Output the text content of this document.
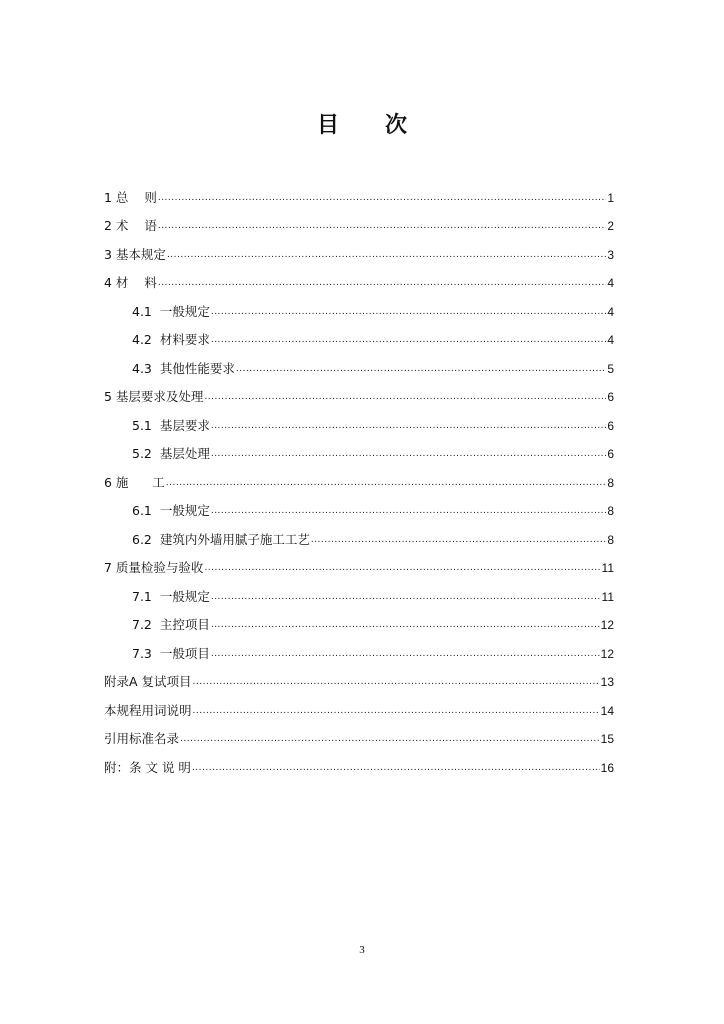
目 次
1 总    则 .....	1
2 术    语 .....	2
3 基本规定 .....	3
4 材    料 .....	4
4.1  一般规定 .....	4
4.2  材料要求 .....	4
4.3  其他性能要求 .....	5
5 基层要求及处理 .....	6
5.1  基层要求 .....	6
5.2  基层处理 .....	6
6 施      工 .....	8
6.1  一般规定 .....	8
6.2  建筑内外墙用腻子施工工艺 .....	8
7 质量检验与验收 .....	11
7.1  一般规定 .....	11
7.2  主控项目 .....	12
7.3  一般项目 .....	12
附录A 复试项目 .....	13
本规程用词说明 .....	14
引用标准名录 .....	15
附：条 文 说 明 .....	16
3
